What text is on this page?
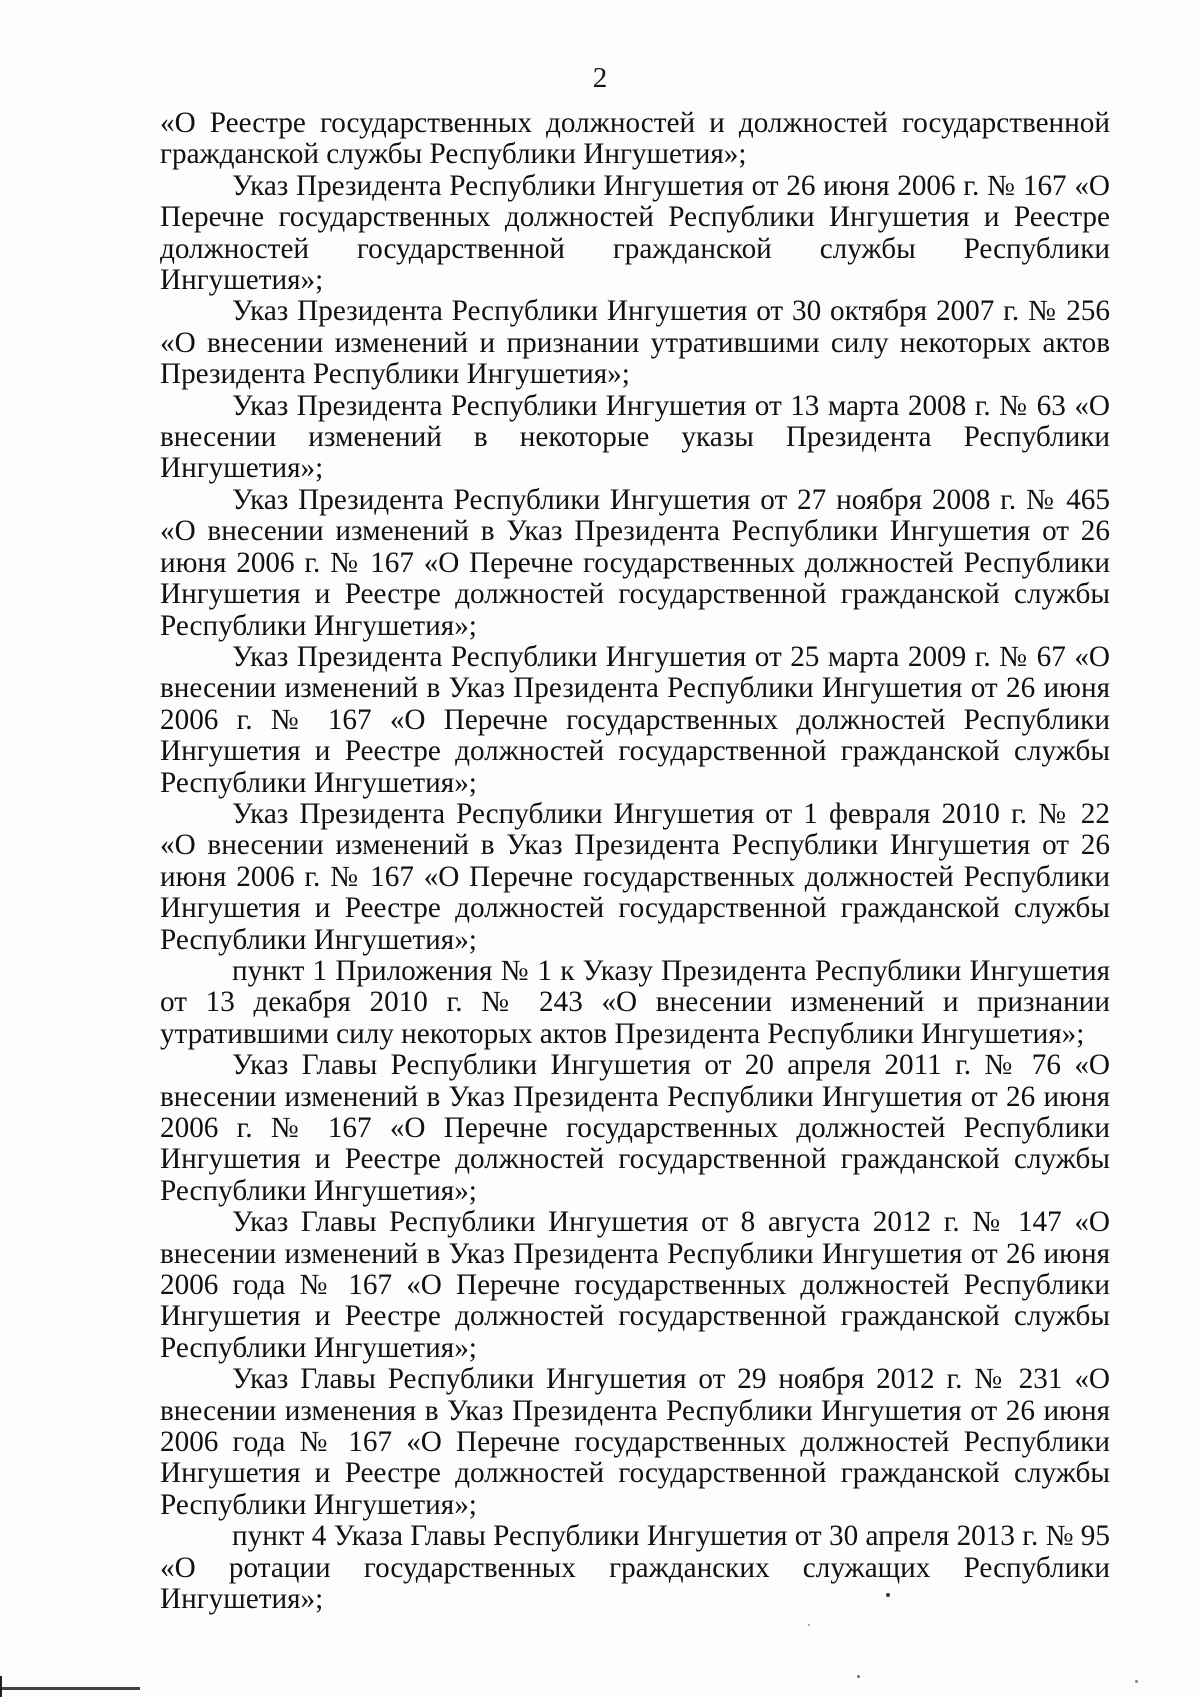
2

«О Реестре государственных должностей и должностей государственной гражданской службы Республики Ингушетия»;

Указ Президента Республики Ингушетия от 26 июня 2006 г. № 167 «О Перечне государственных должностей Республики Ингушетия и Реестре должностей государственной гражданской службы Республики Ингушетия»;

Указ Президента Республики Ингушетия от 30 октября 2007 г. № 256 «О внесении изменений и признании утратившими силу некоторых актов Президента Республики Ингушетия»;

Указ Президента Республики Ингушетия от 13 марта 2008 г. № 63 «О внесении изменений в некоторые указы Президента Республики Ингушетия»;

Указ Президента Республики Ингушетия от 27 ноября 2008 г. № 465 «О внесении изменений в Указ Президента Республики Ингушетия от 26 июня 2006 г. № 167 «О Перечне государственных должностей Республики Ингушетия и Реестре должностей государственной гражданской службы Республики Ингушетия»;

Указ Президента Республики Ингушетия от 25 марта 2009 г. № 67 «О внесении изменений в Указ Президента Республики Ингушетия от 26 июня 2006 г. № 167 «О Перечне государственных должностей Республики Ингушетия и Реестре должностей государственной гражданской службы Республики Ингушетия»;

Указ Президента Республики Ингушетия от 1 февраля 2010 г. № 22 «О внесении изменений в Указ Президента Республики Ингушетия от 26 июня 2006 г. № 167 «О Перечне государственных должностей Республики Ингушетия и Реестре должностей государственной гражданской службы Республики Ингушетия»;

пункт 1 Приложения № 1 к Указу Президента Республики Ингушетия от 13 декабря 2010 г. № 243 «О внесении изменений и признании утратившими силу некоторых актов Президента Республики Ингушетия»;

Указ Главы Республики Ингушетия от 20 апреля 2011 г. № 76 «О внесении изменений в Указ Президента Республики Ингушетия от 26 июня 2006 г. № 167 «О Перечне государственных должностей Республики Ингушетия и Реестре должностей государственной гражданской службы Республики Ингушетия»;

Указ Главы Республики Ингушетия от 8 августа 2012 г. № 147 «О внесении изменений в Указ Президента Республики Ингушетия от 26 июня 2006 года № 167 «О Перечне государственных должностей Республики Ингушетия и Реестре должностей государственной гражданской службы Республики Ингушетия»;

Указ Главы Республики Ингушетия от 29 ноября 2012 г. № 231 «О внесении изменения в Указ Президента Республики Ингушетия от 26 июня 2006 года № 167 «О Перечне государственных должностей Республики Ингушетия и Реестре должностей государственной гражданской службы Республики Ингушетия»;

пункт 4 Указа Главы Республики Ингушетия от 30 апреля 2013 г. № 95 «О ротации государственных гражданских служащих Республики Ингушетия»;
